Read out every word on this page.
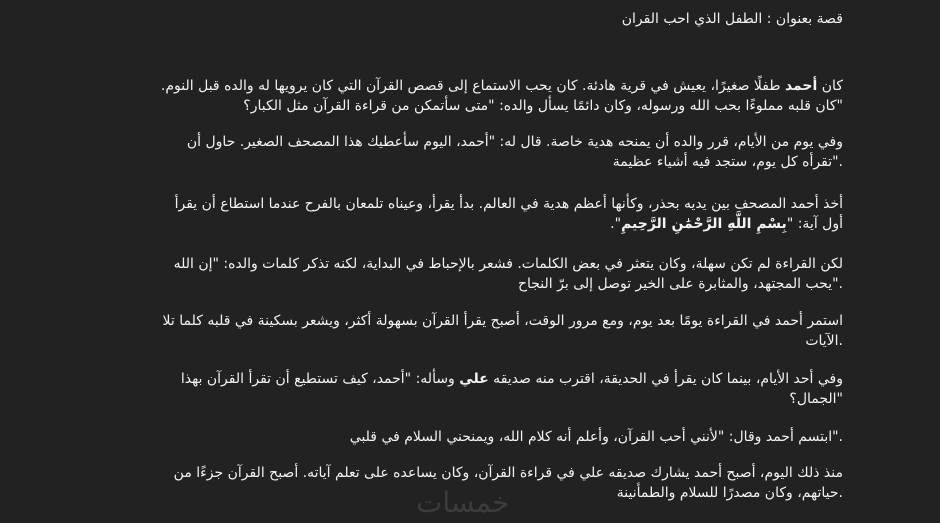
قصة بعنوان : الطفل الذي احب القران

كان أحمد طفلًا صغيرًا، يعيش في قرية هادئة. كان يحب الاستماع إلى قصص القرآن التي كان يرويها له والده قبل النوم.
"كان قلبه مملوءًا بحب الله ورسوله، وكان دائمًا يسأل والده: "متى سأتمكن من قراءة القرآن مثل الكبار؟

وفي يوم من الأيام، قرر والده أن يمنحه هدية خاصة. قال له: "أحمد، اليوم سأعطيك هذا المصحف الصغير. حاول أن
."تقرأه كل يوم، ستجد فيه أشياء عظيمة

أخذ أحمد المصحف بين يديه بحذر، وكأنها أعظم هدية في العالم. بدأ يقرأ، وعيناه تلمعان بالفرح عندما استطاع أن يقرأ
أول آية: "بِسْمِ اللَّهِ الرَّحْمَٰنِ الرَّحِيمِ".

لكن القراءة لم تكن سهلة، وكان يتعثر في بعض الكلمات. فشعر بالإحباط في البداية، لكنه تذكر كلمات والده: "إن الله
."يحب المجتهد، والمثابرة على الخير توصل إلى برّ النجاح

استمر أحمد في القراءة يومًا بعد يوم، ومع مرور الوقت، أصبح يقرأ القرآن بسهولة أكثر، ويشعر بسكينة في قلبه كلما تلا
.الآيات

وفي أحد الأيام، بينما كان يقرأ في الحديقة، اقترب منه صديقه علي وسأله: "أحمد، كيف تستطيع أن تقرأ القرآن بهذا
"الجمال؟

."ابتسم أحمد وقال: "لأنني أحب القرآن، وأعلم أنه كلام الله، ويمنحني السلام في قلبي

منذ ذلك اليوم، أصبح أحمد يشارك صديقه علي في قراءة القرآن، وكان يساعده على تعلم آياته. أصبح القرآن جزءًا من
.حياتهم، وكان مصدرًا للسلام والطمأنينة

خمسات
